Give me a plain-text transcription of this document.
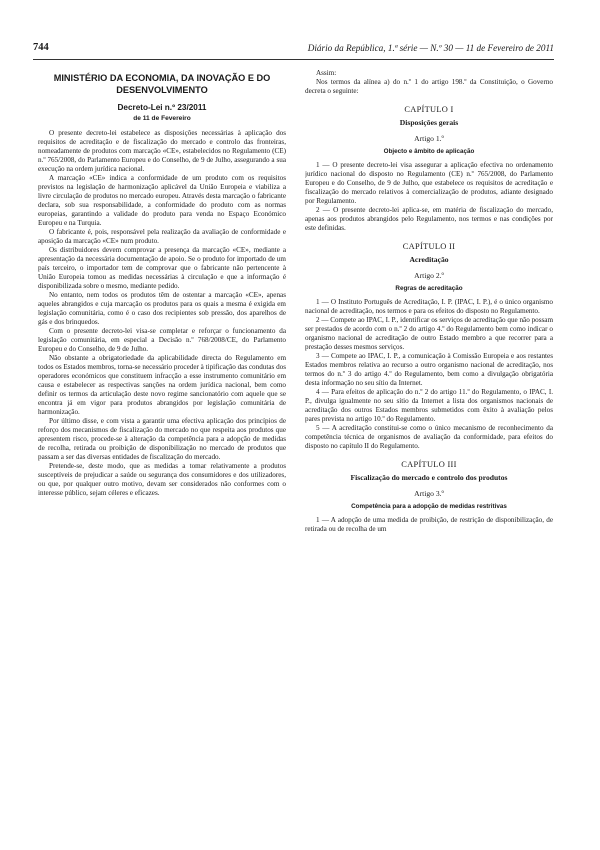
744	Diário da República, 1.ª série — N.º 30 — 11 de Fevereiro de 2011
MINISTÉRIO DA ECONOMIA, DA INOVAÇÃO E DO DESENVOLVIMENTO
Decreto-Lei n.º 23/2011
de 11 de Fevereiro

O presente decreto-lei estabelece as disposições necessárias à aplicação dos requisitos de acreditação e de fiscalização do mercado e controlo das fronteiras, nomeadamente de produtos com marcação «CE», estabelecidos no Regulamento (CE) n.º 765/2008, do Parlamento Europeu e do Conselho, de 9 de Julho, assegurando a sua execução na ordem jurídica nacional.

A marcação «CE» indica a conformidade de um produto com os requisitos previstos na legislação de harmonização aplicável da União Europeia e viabiliza a livre circulação de produtos no mercado europeu. Através desta marcação o fabricante declara, sob sua responsabilidade, a conformidade do produto com as normas europeias, garantindo a validade do produto para venda no Espaço Económico Europeu e na Turquia.

O fabricante é, pois, responsável pela realização da avaliação de conformidade e aposição da marcação «CE» num produto.

Os distribuidores devem comprovar a presença da marcação «CE», mediante a apresentação da necessária documentação de apoio. Se o produto for importado de um país terceiro, o importador tem de comprovar que o fabricante não pertencente à União Europeia tomou as medidas necessárias à circulação e que a informação é disponibilizada sobre o mesmo, mediante pedido.

No entanto, nem todos os produtos têm de ostentar a marcação «CE», apenas aqueles abrangidos e cuja marcação os produtos para os quais a mesma é exigida em legislação comunitária, como é o caso dos recipientes sob pressão, dos aparelhos de gás e dos brinquedos.

Com o presente decreto-lei visa-se completar e reforçar o funcionamento da legislação comunitária, em especial a Decisão n.º 768/2008/CE, do Parlamento Europeu e do Conselho, de 9 de Julho.

Não obstante a obrigatoriedade da aplicabilidade directa do Regulamento em todos os Estados membros, torna-se necessário proceder à tipificação das condutas dos operadores económicos que constituem infracção a esse instrumento comunitário em causa e estabelecer as respectivas sanções na ordem jurídica nacional, bem como definir os termos da articulação deste novo regime sancionatório com aquele que se encontra já em vigor para produtos abrangidos por legislação comunitária de harmonização.

Por último disse, e com vista a garantir uma efectiva aplicação dos princípios de reforço dos mecanismos de fiscalização do mercado no que respeita aos produtos que apresentem risco, procede-se à alteração da competência para a adopção de medidas de recolha, retirada ou proibição de disponibilização no mercado de produtos que passam a ser das diversas entidades de fiscalização do mercado.

Pretende-se, deste modo, que as medidas a tomar relativamente a produtos susceptíveis de prejudicar a saúde ou segurança dos consumidores e dos utilizadores, ou que, por qualquer outro motivo, devam ser considerados não conformes com o interesse público, sejam céleres e eficazes.

Assim:

Nos termos da alínea a) do n.º 1 do artigo 198.º da Constituição, o Governo decreta o seguinte:

CAPÍTULO I
Disposições gerais
Artigo 1.º
Objecto e âmbito de aplicação

1 — O presente decreto-lei visa assegurar a aplicação efectiva no ordenamento jurídico nacional do disposto no Regulamento (CE) n.º 765/2008, do Parlamento Europeu e do Conselho, de 9 de Julho, que estabelece os requisitos de acreditação e fiscalização do mercado relativos à comercialização de produtos, adiante designado por Regulamento.

2 — O presente decreto-lei aplica-se, em matéria de fiscalização do mercado, apenas aos produtos abrangidos pelo Regulamento, nos termos e nas condições por este definidas.

CAPÍTULO II
Acreditação
Artigo 2.º
Regras de acreditação

1 — O Instituto Português de Acreditação, I. P. (IPAC, I. P.), é o único organismo nacional de acreditação, nos termos e para os efeitos do disposto no Regulamento.

2 — Compete ao IPAC, I. P., identificar os serviços de acreditação que não possam ser prestados de acordo com o n.º 2 do artigo 4.º do Regulamento bem como indicar o organismo nacional de acreditação de outro Estado membro a que recorrer para a prestação desses mesmos serviços.

3 — Compete ao IPAC, I. P., a comunicação à Comissão Europeia e aos restantes Estados membros relativa ao recurso a outro organismo nacional de acreditação, nos termos do n.º 3 do artigo 4.º do Regulamento, bem como a divulgação obrigatória desta informação no seu sítio da Internet.

4 — Para efeitos de aplicação do n.º 2 do artigo 11.º do Regulamento, o IPAC, I. P., divulga igualmente no seu sítio da Internet a lista dos organismos nacionais de acreditação dos outros Estados membros submetidos com êxito à avaliação pelos pares prevista no artigo 10.º do Regulamento.

5 — A acreditação constitui-se como o único mecanismo de reconhecimento da competência técnica de organismos de avaliação da conformidade, para efeitos do disposto no capítulo II do Regulamento.

CAPÍTULO III
Fiscalização do mercado e controlo dos produtos
Artigo 3.º
Competência para a adopção de medidas restritivas

1 — A adopção de uma medida de proibição, de restrição de disponibilização, de retirada ou de recolha de um
